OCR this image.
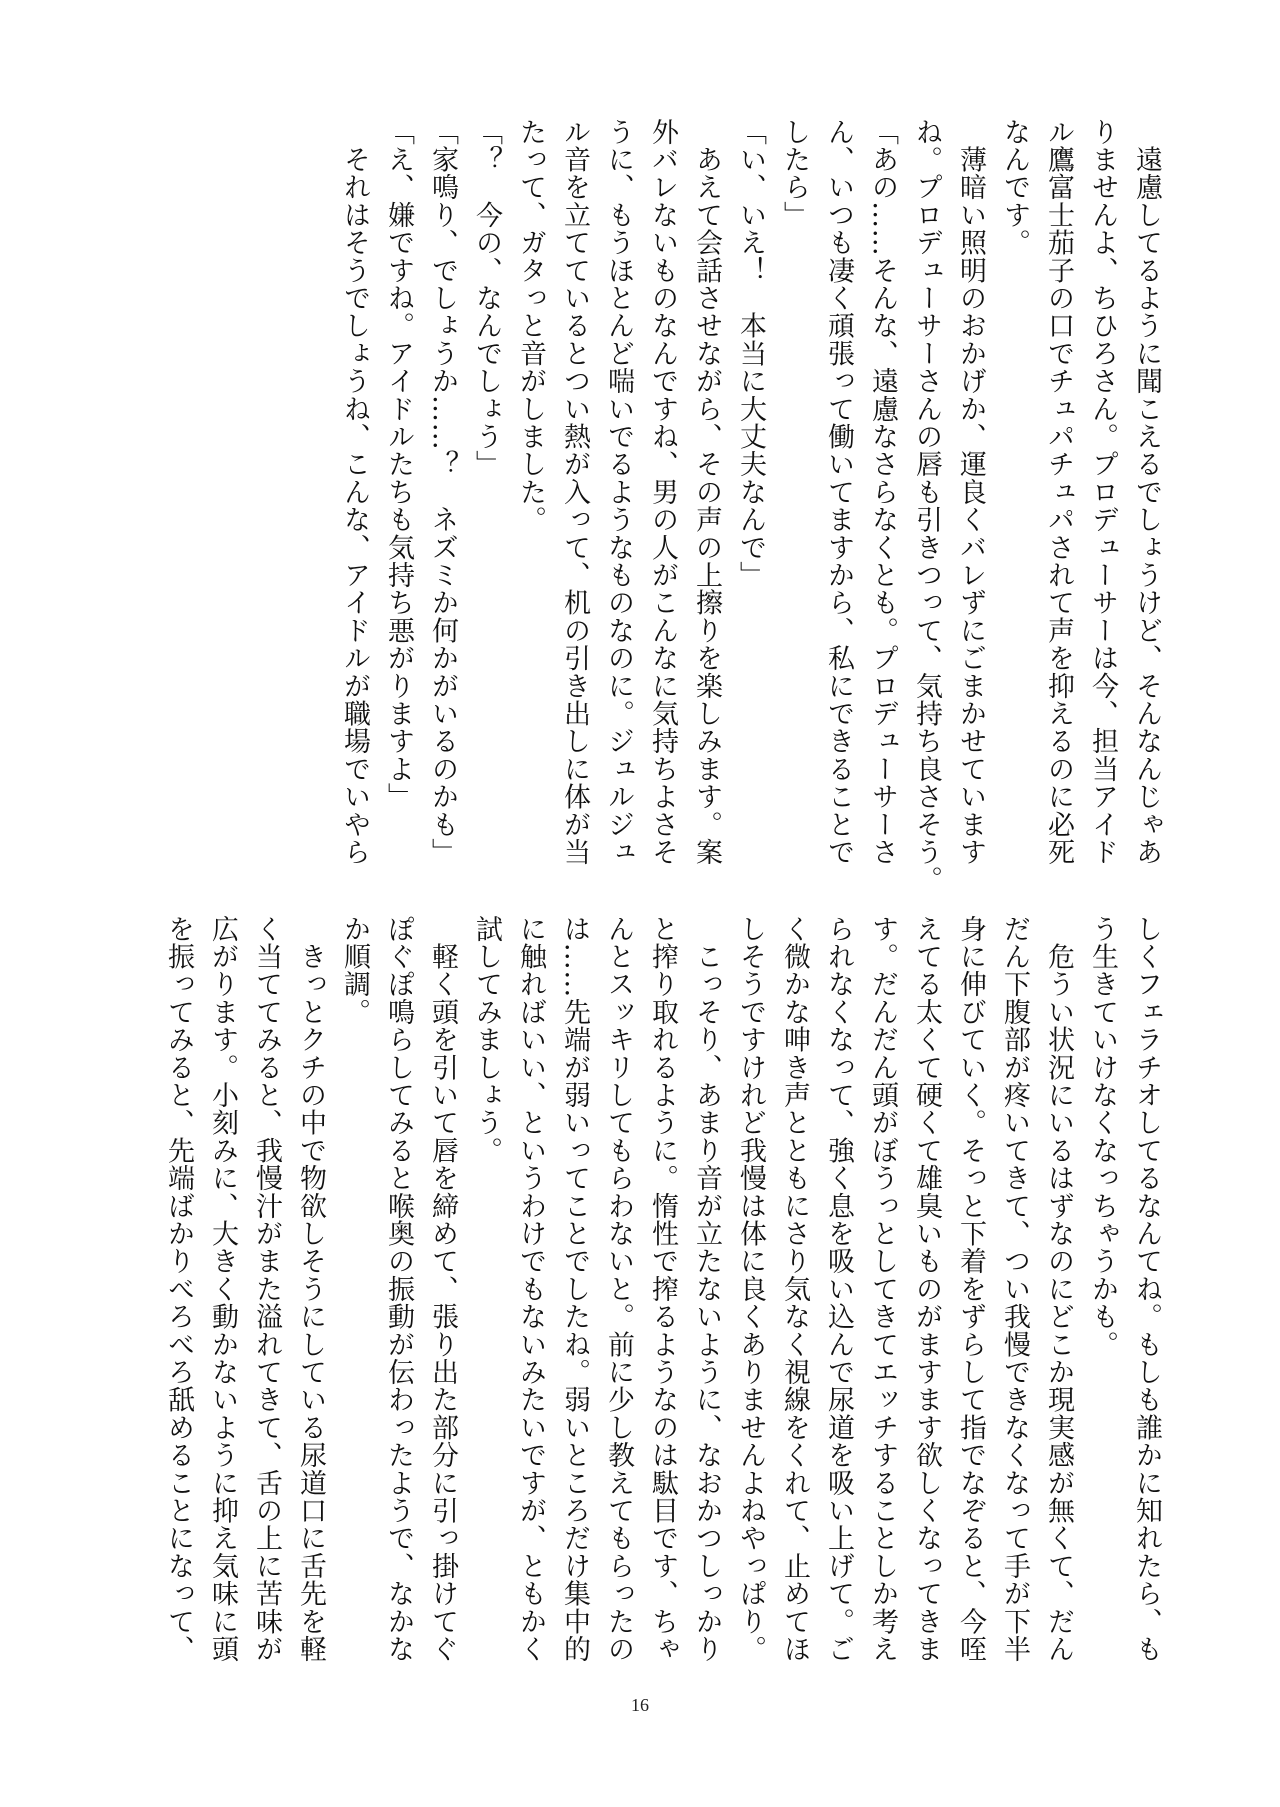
　遠慮してるように聞こえるでしょうけど、そんなんじゃあ
りませんよ、ちひろさん。プロデューサーは今、担当アイド
ル鷹富士茄子の口でチュパチュパされて声を抑えるのに必死
なんです。
　薄暗い照明のおかげか、運良くバレずにごまかせています
ね。プロデューサーさんの唇も引きつって、気持ち良さそう。
「あの……そんな、遠慮なさらなくとも。プロデューサーさ
ん、いつも凄く頑張って働いてますから、私にできることで
したら」
「い、いえ！　本当に大丈夫なんで」
　あえて会話させながら、その声の上擦りを楽しみます。案
外バレないものなんですね、男の人がこんなに気持ちよさそ
うに、もうほとんど喘いでるようなものなのに。ジュルジュ
ル音を立てているとつい熱が入って、机の引き出しに体が当
たって、ガタっと音がしました。
「？　今の、なんでしょう」
「家鳴り、でしょうか……？　ネズミか何かがいるのかも」
「え、嫌ですね。アイドルたちも気持ち悪がりますよ」
　それはそうでしょうね、こんな、アイドルが職場でいやら
しくフェラチオしてるなんてね。もしも誰かに知れたら、も
う生きていけなくなっちゃうかも。
　危うい状況にいるはずなのにどこか現実感が無くて、だん
だん下腹部が疼いてきて、つい我慢できなくなって手が下半
身に伸びていく。そっと下着をずらして指でなぞると、今咥
えてる太くて硬くて雄臭いものがますます欲しくなってきま
す。だんだん頭がぼうっとしてきてエッチすることしか考え
られなくなって、強く息を吸い込んで尿道を吸い上げて。ご
く微かな呻き声とともにさり気なく視線をくれて、止めてほ
しそうですけれど我慢は体に良くありませんよねやっぱり。
　こっそり、あまり音が立たないように、なおかつしっかり
と搾り取れるように。惰性で搾るようなのは駄目です、ちゃ
んとスッキリしてもらわないと。前に少し教えてもらったの
は……先端が弱いってことでしたね。弱いところだけ集中的
に触ればいい、というわけでもないみたいですが、ともかく
試してみましょう。
　軽く頭を引いて唇を締めて、張り出た部分に引っ掛けてぐ
ぽぐぽ鳴らしてみると喉奥の振動が伝わったようで、なかな
か順調。
　きっとクチの中で物欲しそうにしている尿道口に舌先を軽
く当ててみると、我慢汁がまた溢れてきて、舌の上に苦味が
広がります。小刻みに、大きく動かないように抑え気味に頭
を振ってみると、先端ばかりべろべろ舐めることになって、
16
